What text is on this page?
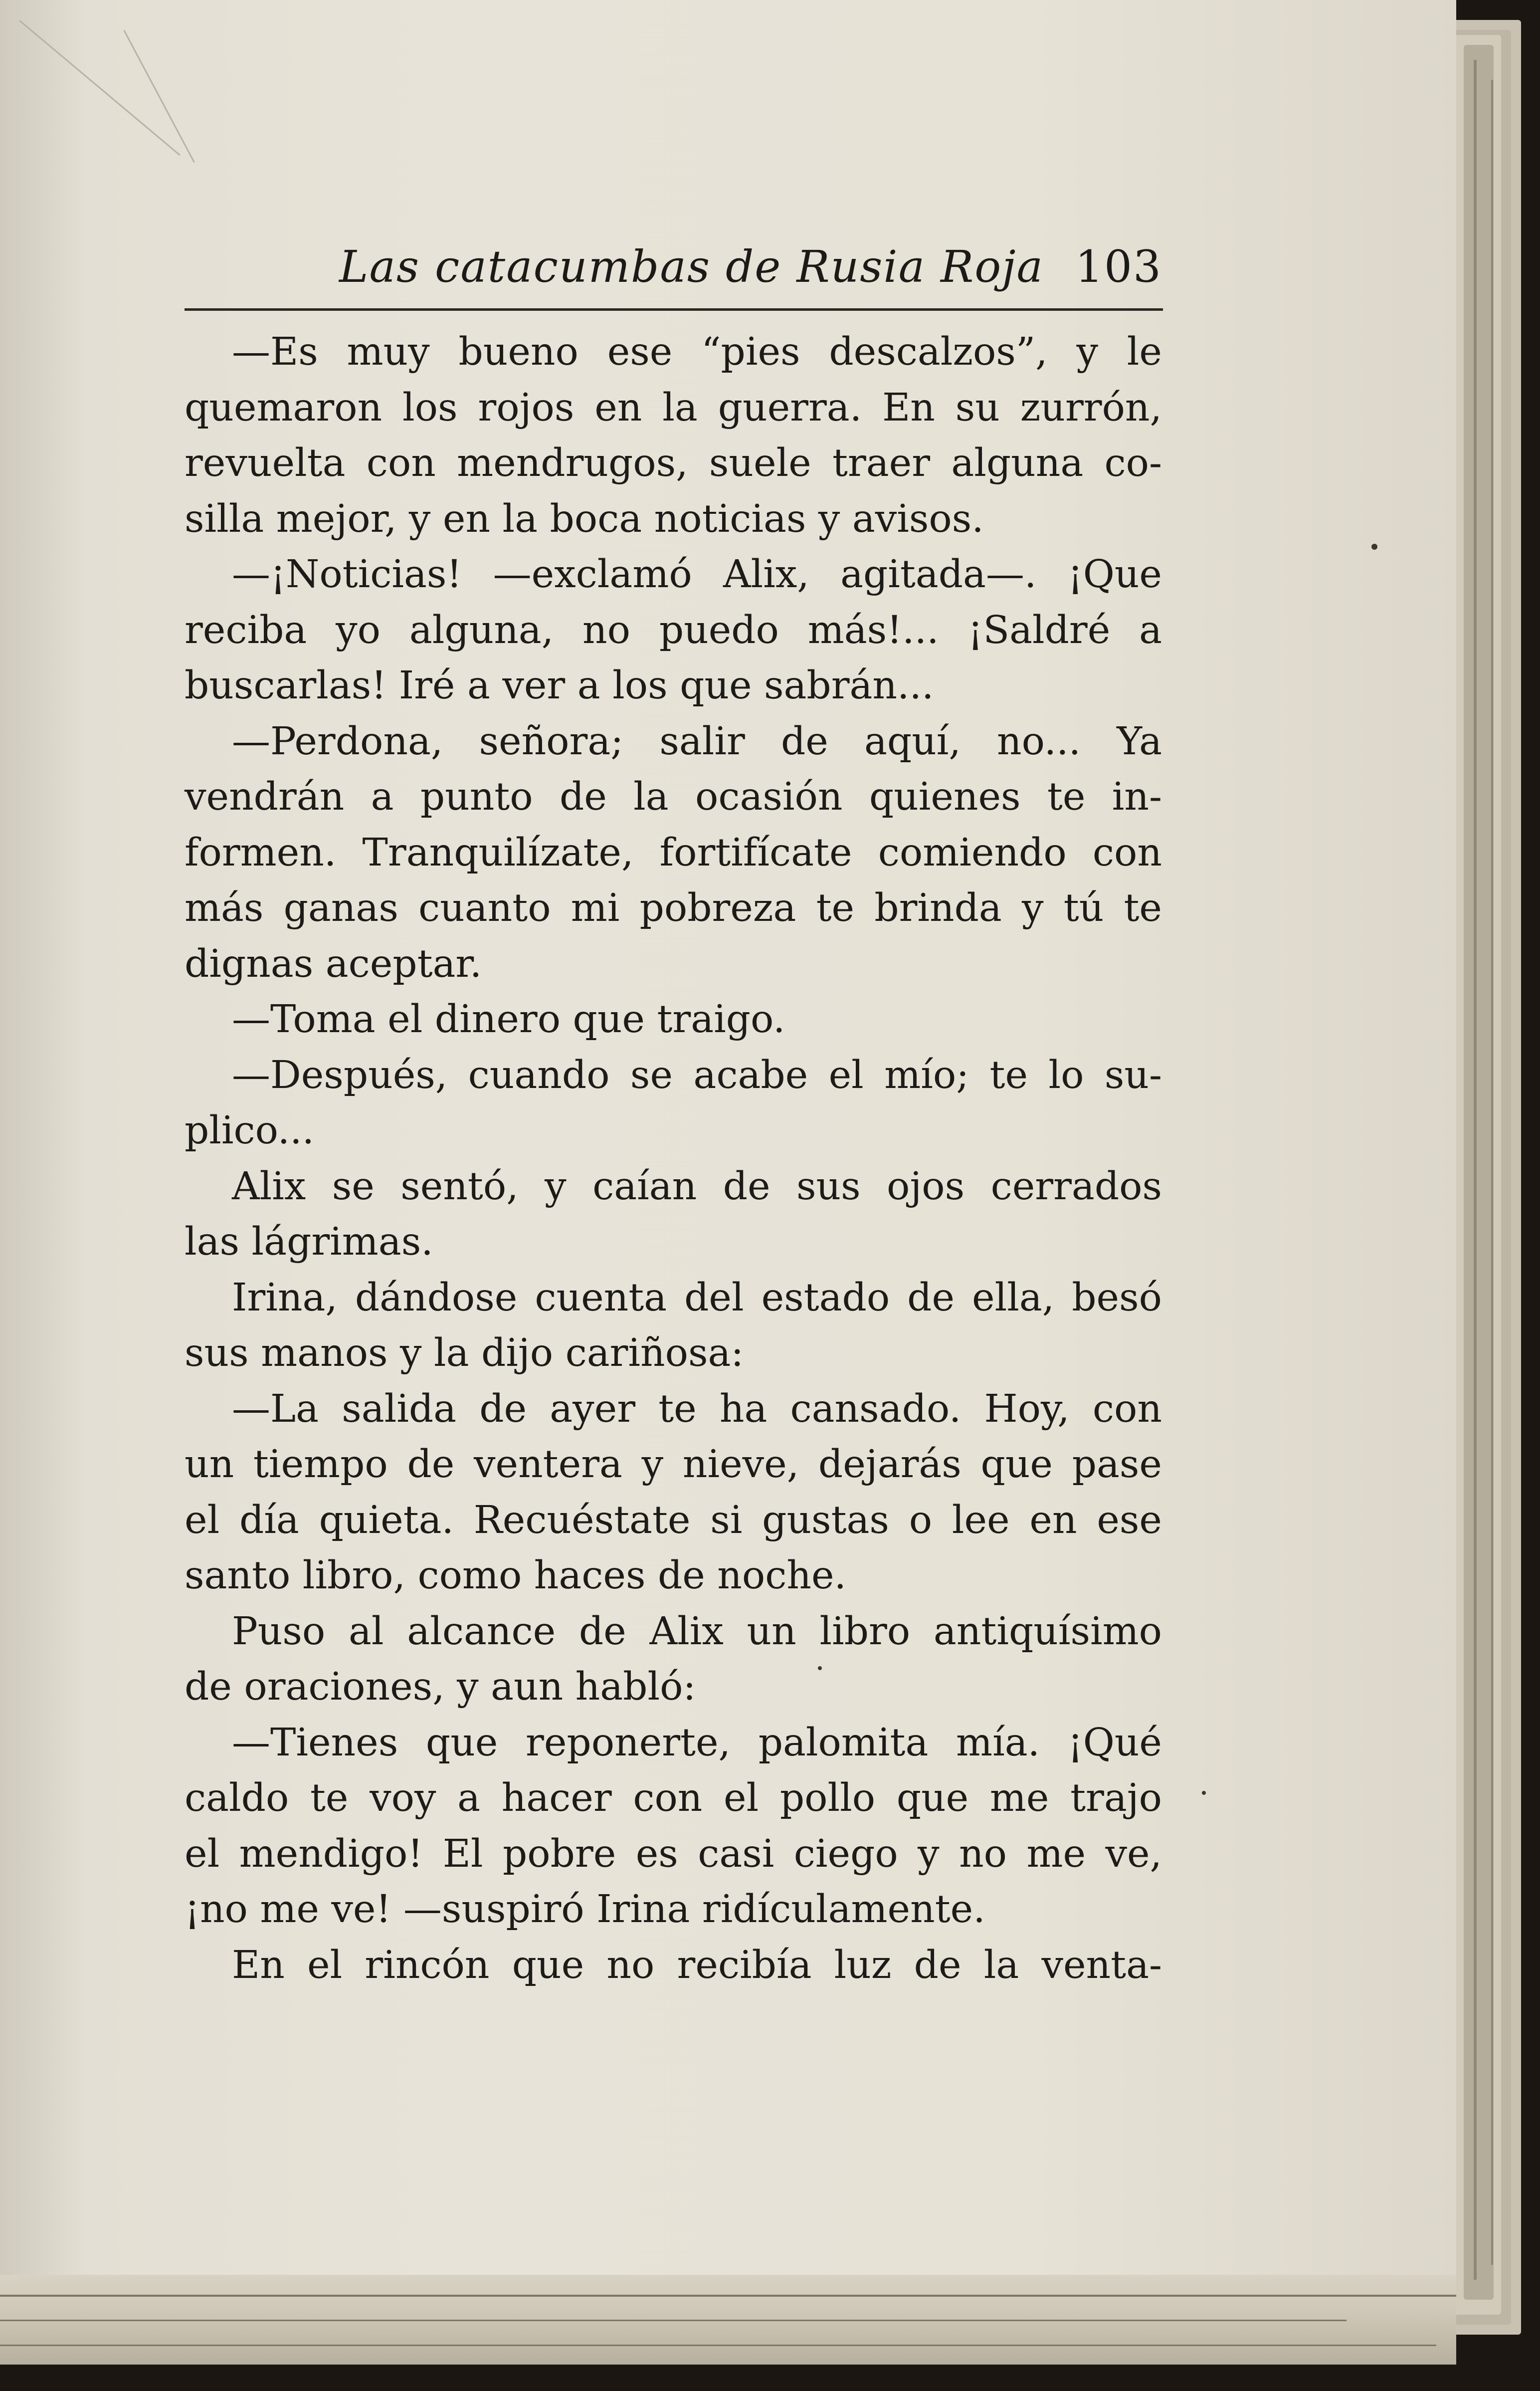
Las catacumbas de Rusia Roja 103
—Es muy bueno ese “pies descalzos”, y le
quemaron los rojos en la guerra. En su zurrón,
revuelta con mendrugos, suele traer alguna co-
silla mejor, y en la boca noticias y avisos.
—¡Noticias! —exclamó Alix, agitada—. ¡Que
reciba yo alguna, no puedo más!... ¡Saldré a
buscarlas! Iré a ver a los que sabrán...
—Perdona, señora; salir de aquí, no... Ya
vendrán a punto de la ocasión quienes te in-
formen. Tranquilízate, fortifícate comiendo con
más ganas cuanto mi pobreza te brinda y tú te
dignas aceptar.
—Toma el dinero que traigo.
—Después, cuando se acabe el mío; te lo su-
plico...
Alix se sentó, y caían de sus ojos cerrados
las lágrimas.
Irina, dándose cuenta del estado de ella, besó
sus manos y la dijo cariñosa:
—La salida de ayer te ha cansado. Hoy, con
un tiempo de ventera y nieve, dejarás que pase
el día quieta. Recuéstate si gustas o lee en ese
santo libro, como haces de noche.
Puso al alcance de Alix un libro antiquísimo
de oraciones, y aun habló:
—Tienes que reponerte, palomita mía. ¡Qué
caldo te voy a hacer con el pollo que me trajo
el mendigo! El pobre es casi ciego y no me ve,
¡no me ve! —suspiró Irina ridículamente.
En el rincón que no recibía luz de la venta-
